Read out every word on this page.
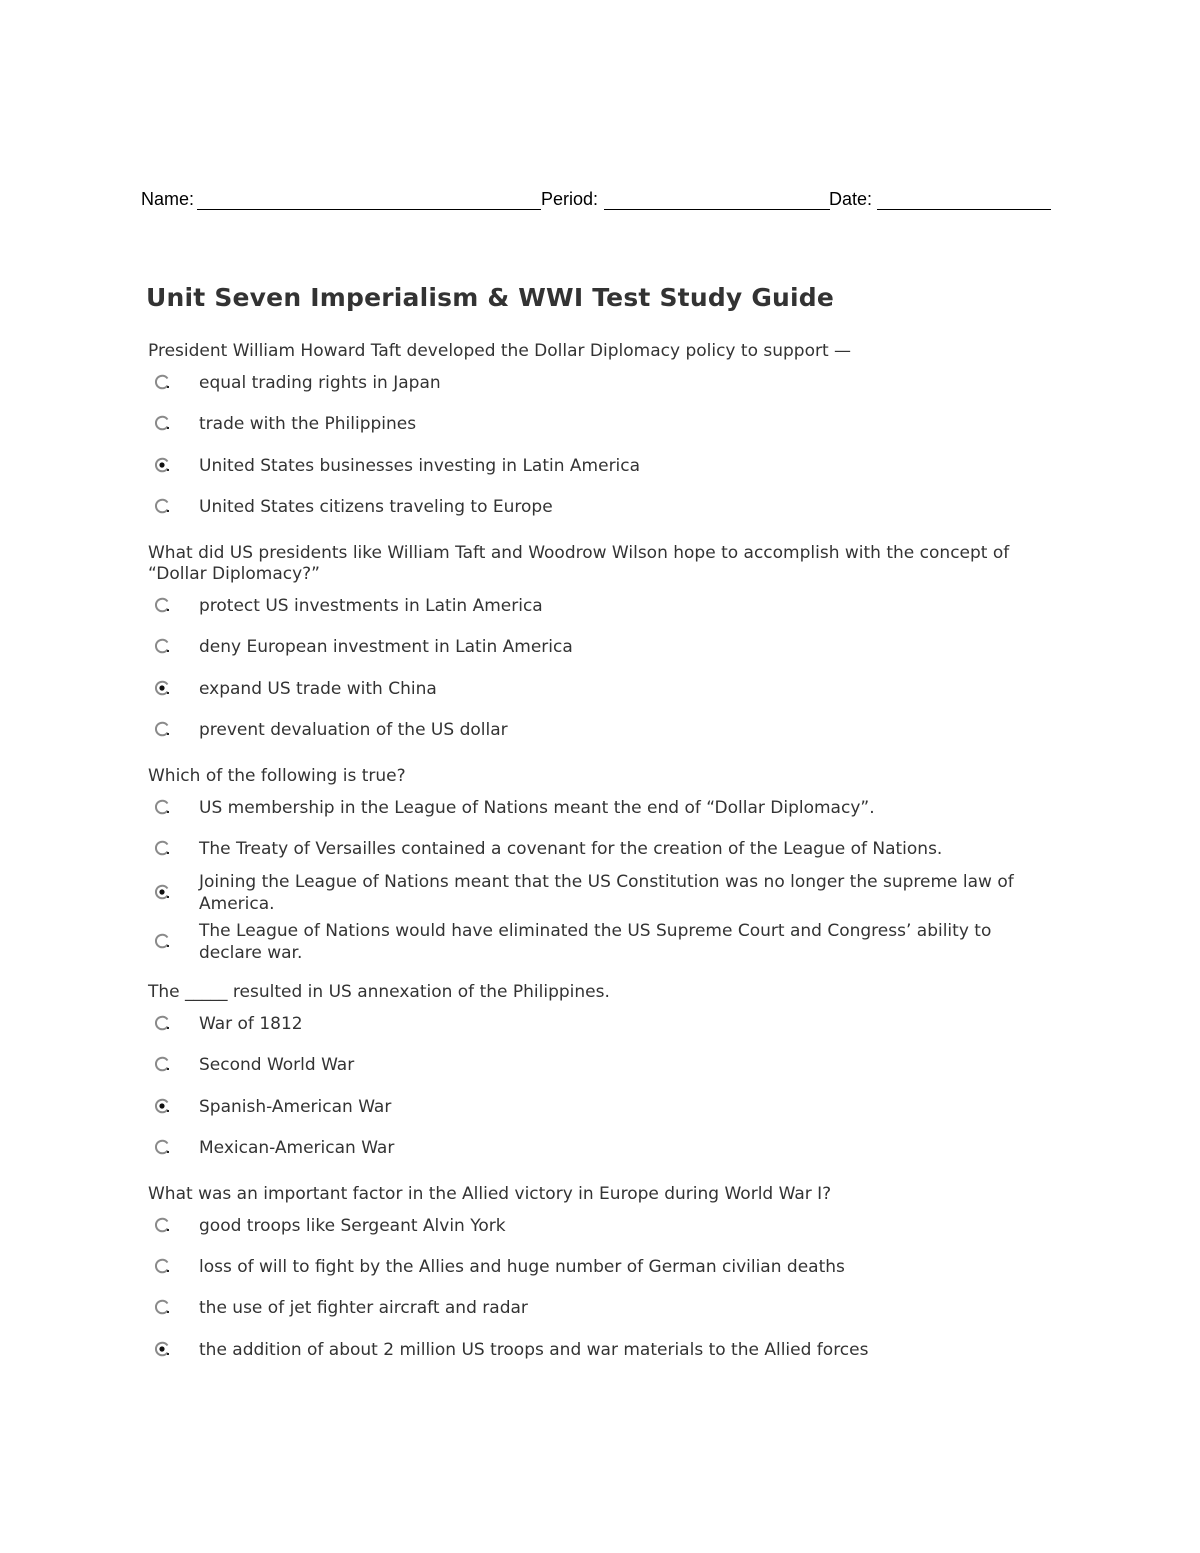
Name:	Period:	Date:
Unit Seven Imperialism & WWI Test Study Guide
President William Howard Taft developed the Dollar Diplomacy policy to support —
equal trading rights in Japan
trade with the Philippines
United States businesses investing in Latin America
United States citizens traveling to Europe
What did US presidents like William Taft and Woodrow Wilson hope to accomplish with the concept of “Dollar Diplomacy?”
protect US investments in Latin America
deny European investment in Latin America
expand US trade with China
prevent devaluation of the US dollar
Which of the following is true?
US membership in the League of Nations meant the end of “Dollar Diplomacy”.
The Treaty of Versailles contained a covenant for the creation of the League of Nations.
Joining the League of Nations meant that the US Constitution was no longer the supreme law of America.
The League of Nations would have eliminated the US Supreme Court and Congress’ ability to declare war.
The _____ resulted in US annexation of the Philippines.
War of 1812
Second World War
Spanish-American War
Mexican-American War
What was an important factor in the Allied victory in Europe during World War I?
good troops like Sergeant Alvin York
loss of will to fight by the Allies and huge number of German civilian deaths
the use of jet fighter aircraft and radar
the addition of about 2 million US troops and war materials to the Allied forces
